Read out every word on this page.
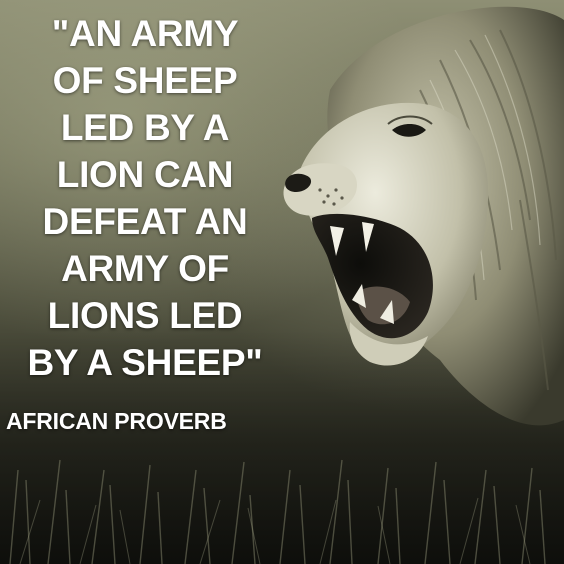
"AN ARMY
OF SHEEP
LED BY A
LION CAN
DEFEAT AN
ARMY OF
LIONS LED
BY A SHEEP"

AFRICAN PROVERB
